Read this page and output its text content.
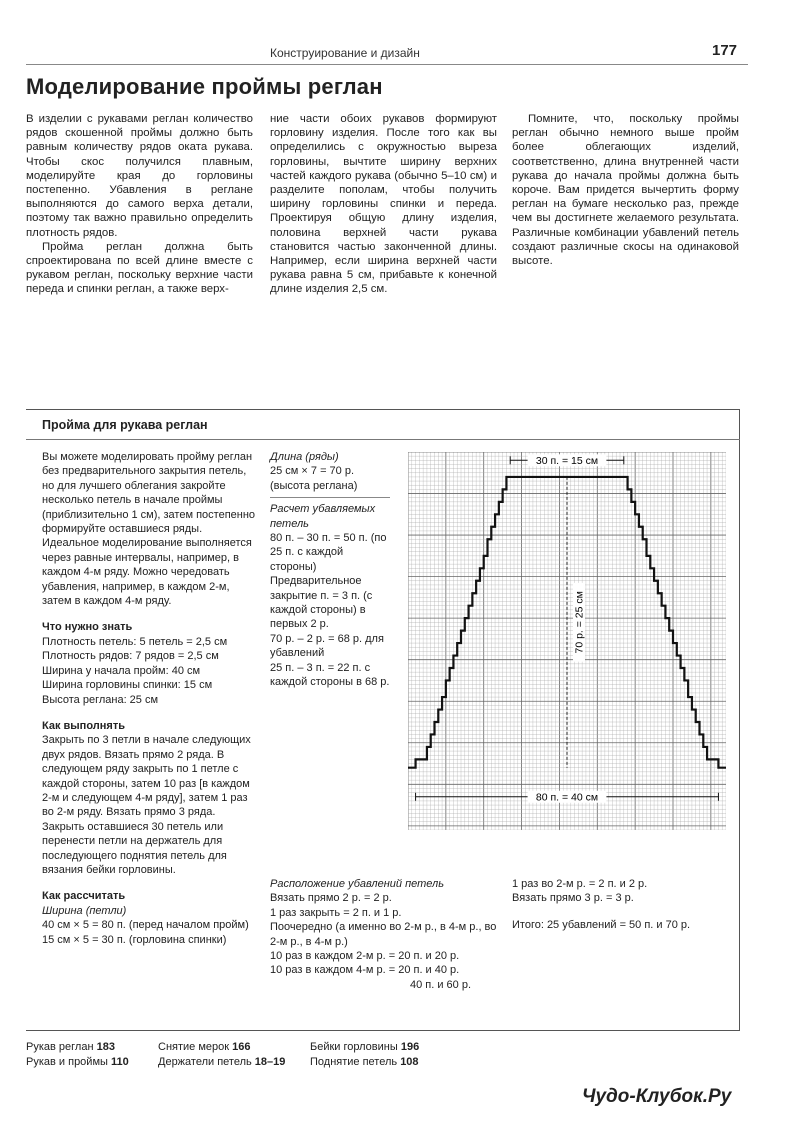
Конструирование и дизайн	177
Моделирование проймы реглан

В изделии с рукавами реглан количество рядов скошенной проймы должно быть равным количеству рядов оката рукава. Чтобы скос получился плавным, моделируйте края до горловины постепенно. Убавления в реглане выполняются до самого верха детали, поэтому так важно правильно определить плотность рядов.

Пройма реглан должна быть спроектирована по всей длине вместе с рукавом реглан, поскольку верхние части переда и спинки реглан, а также верх-

ние части обоих рукавов формируют горловину изделия. После того как вы определились с окружностью выреза горловины, вычтите ширину верхних частей каждого рукава (обычно 5–10 см) и разделите пополам, чтобы получить ширину горловины спинки и переда. Проектируя общую длину изделия, половина верхней части рукава становится частью законченной длины. Например, если ширина верхней части рукава равна 5 см, прибавьте к конечной длине изделия 2,5 см.

Помните, что, поскольку проймы реглан обычно немного выше пройм более облегающих изделий, соответственно, длина внутренней части рукава до начала проймы должна быть короче. Вам придется вычертить форму реглан на бумаге несколько раз, прежде чем вы достигнете желаемого результата. Различные комбинации убавлений петель создают различные скосы на одинаковой высоте.

Пройма для рукава реглан

Вы можете моделировать пройму реглан без предварительного закрытия петель, но для лучшего облегания закройте несколько петель в начале проймы (приблизительно 1 см), затем постепенно формируйте оставшиеся ряды. Идеальное моделирование выполняется через равные интервалы, например, в каждом 4-м ряду. Можно чередовать убавления, например, в каждом 2-м, затем в каждом 4-м ряду.

Что нужно знать

Плотность петель: 5 петель = 2,5 см

Плотность рядов: 7 рядов = 2,5 см

Ширина у начала пройм: 40 см

Ширина горловины спинки: 15 см

Высота реглана: 25 см

Как выполнять

Закрыть по 3 петли в начале следующих двух рядов. Вязать прямо 2 ряда. В следующем ряду закрыть по 1 петле с каждой стороны, затем 10 раз [в каждом 2-м и следующем 4-м ряду], затем 1 раз во 2-м ряду. Вязать прямо 3 ряда. Закрыть оставшиеся 30 петель или перенести петли на держатель для последующего поднятия петель для вязания бейки горловины.

Как рассчитать

Ширина (петли)

40 см × 5 = 80 п. (перед началом пройм)

15 см × 5 = 30 п. (горловина спинки)

Длина (ряды)

25 см × 7 = 70 р. (высота реглана)

Расчет убавляемых петель

80 п. – 30 п. = 50 п. (по 25 п. с каждой стороны)

Предварительное закрытие п. = 3 п. (с каждой стороны) в первых 2 р.

70 р. – 2 р. = 68 р. для убавлений

25 п. – 3 п. = 22 п. с каждой стороны в 68 р.

30 п. = 15 см
80 п. = 40 см
70 р. = 25 см

Расположение убавлений петель

Вязать прямо 2 р. = 2 р.

1 раз закрыть = 2 п. и 1 р.

Поочередно (а именно во 2-м р., в 4-м р., во 2-м р., в 4-м р.)

10 раз в каждом 2-м р. = 20 п. и 20 р.

10 раз в каждом 4-м р. = 20 п. и 40 р.

40 п. и 60 р.

1 раз во 2-м р. = 2 п. и 2 р.

Вязать прямо 3 р. = 3 р.

Итого: 25 убавлений = 50 п. и 70 р.

Рукав реглан 183
Рукав и проймы 110
Снятие мерок 166
Держатели петель 18–19
Бейки горловины 196
Поднятие петель 108
Чудо-Клубок.Ру
